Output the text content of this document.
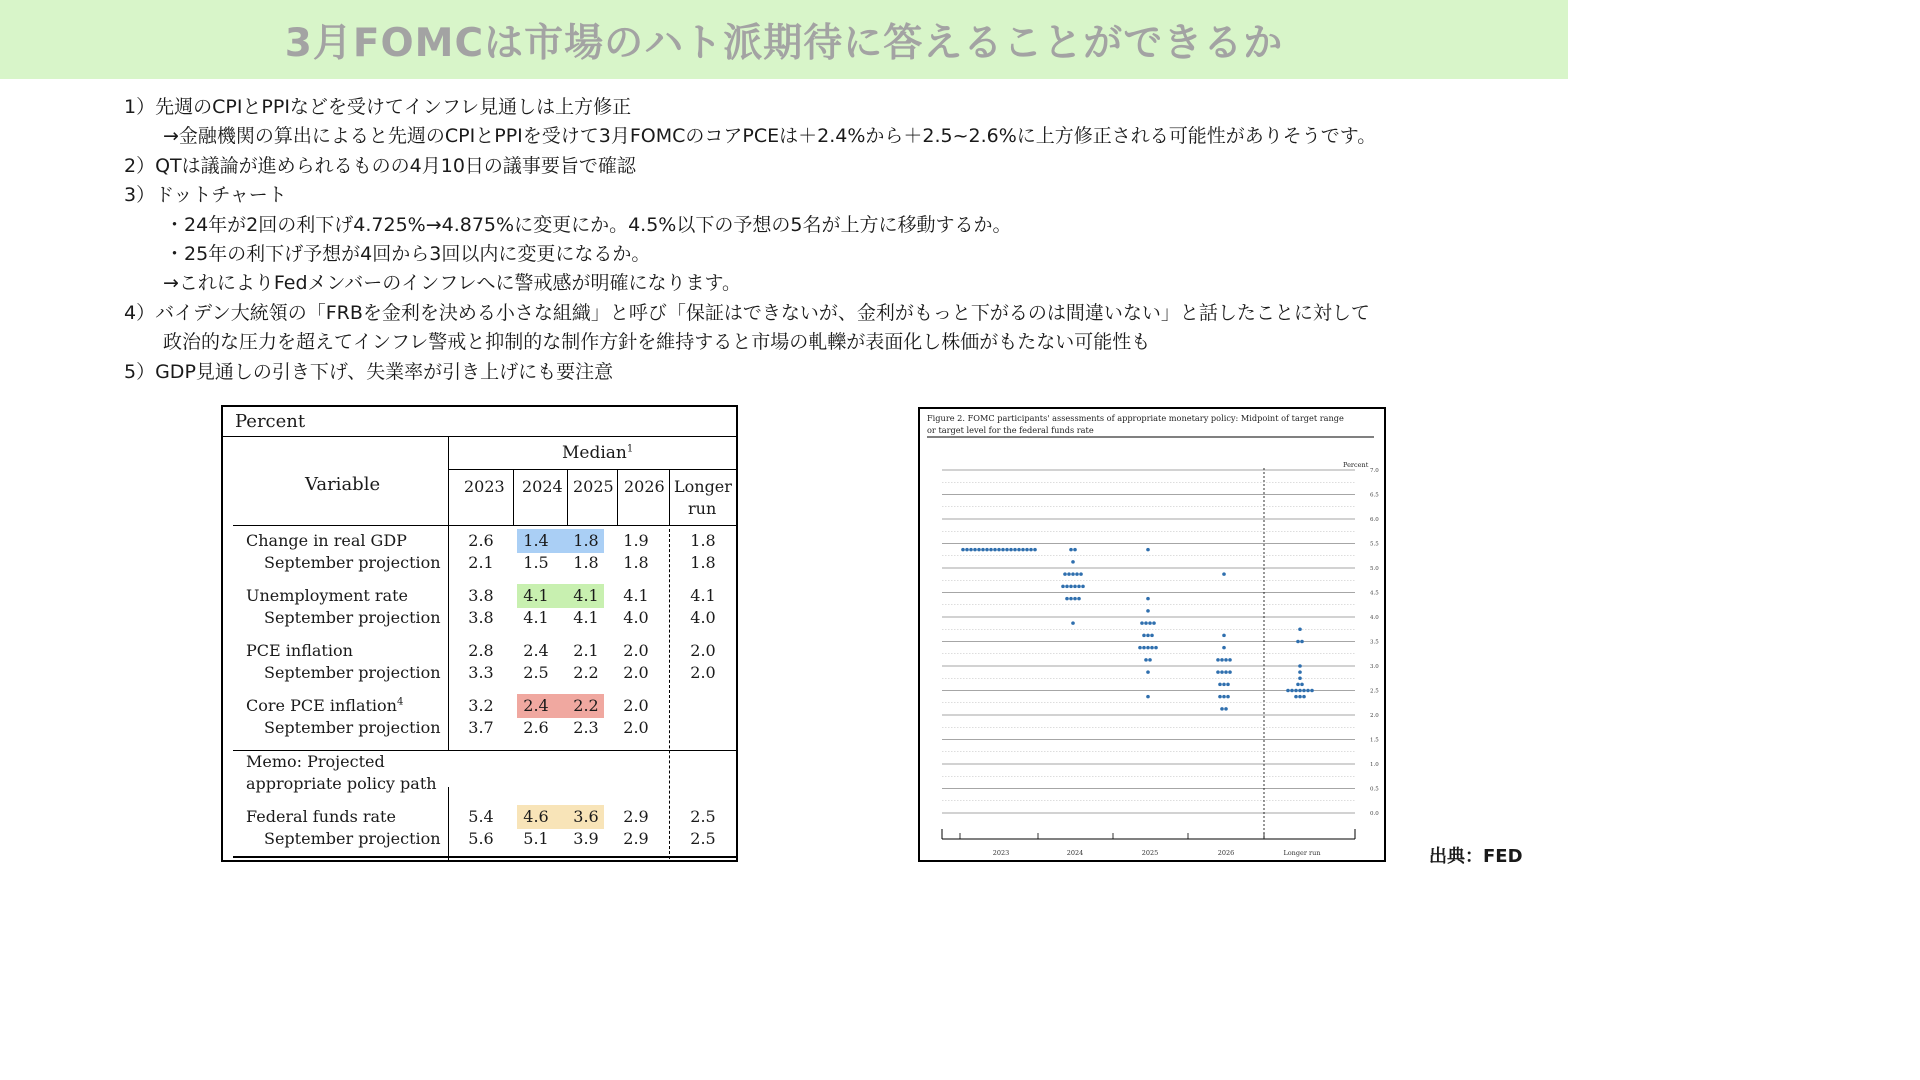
3月FOMCは市場のハト派期待に答えることができるか
1）先週のCPIとPPIなどを受けてインフレ見通しは上方修正
→金融機関の算出によると先週のCPIとPPIを受けて3月FOMCのコアPCEは＋2.4%から＋2.5~2.6%に上方修正される可能性がありそうです。
2）QTは議論が進められるものの4月10日の議事要旨で確認
3）ドットチャート
・24年が2回の利下げ4.725%→4.875%に変更にか。4.5%以下の予想の5名が上方に移動するか。
・25年の利下げ予想が4回から3回以内に変更になるか。
→これによりFedメンバーのインフレへに警戒感が明確になります。
4）バイデン大統領の「FRBを金利を決める小さな組織」と呼び「保証はできないが、金利がもっと下がるのは間違いない」と話したことに対して
政治的な圧力を超えてインフレ警戒と抑制的な制作方針を維持すると市場の軋轢が表面化し株価がもたない可能性も
5）GDP見通しの引き下げ、失業率が引き上げにも要注意
Percent
Variable
Median$^1$
2023 2024 2025 2026 Longer
run
Change in real GDP	2.6	1.4	1.8	1.9	1.8
September projection	2.1	1.5	1.8	1.8	1.8
Unemployment rate	3.8	4.1	4.1	4.1	4.1
September projection	3.8	4.1	4.1	4.0	4.0
PCE inflation	2.8	2.4	2.1	2.0	2.0
September projection	3.3	2.5	2.2	2.0	2.0
Core PCE inflation$^4$	3.2	2.4	2.2	2.0
September projection	3.7	2.6	2.3	2.0
Federal funds rate	5.4	4.6	3.6	2.9	2.5
September projection	5.6	5.1	3.9	2.9	2.5
Memo: Projected
appropriate policy path
Figure 2. FOMC participants' assessments of appropriate monetary policy: Midpoint of target range
or target level for the federal funds rate
Percent
7.0
6.5
6.0
5.5
5.0
4.5
4.0
3.5
3.0
2.5
2.0
1.5
1.0
0.5
0.0
2023	2024	2025	2026	Longer run	出典：FED
